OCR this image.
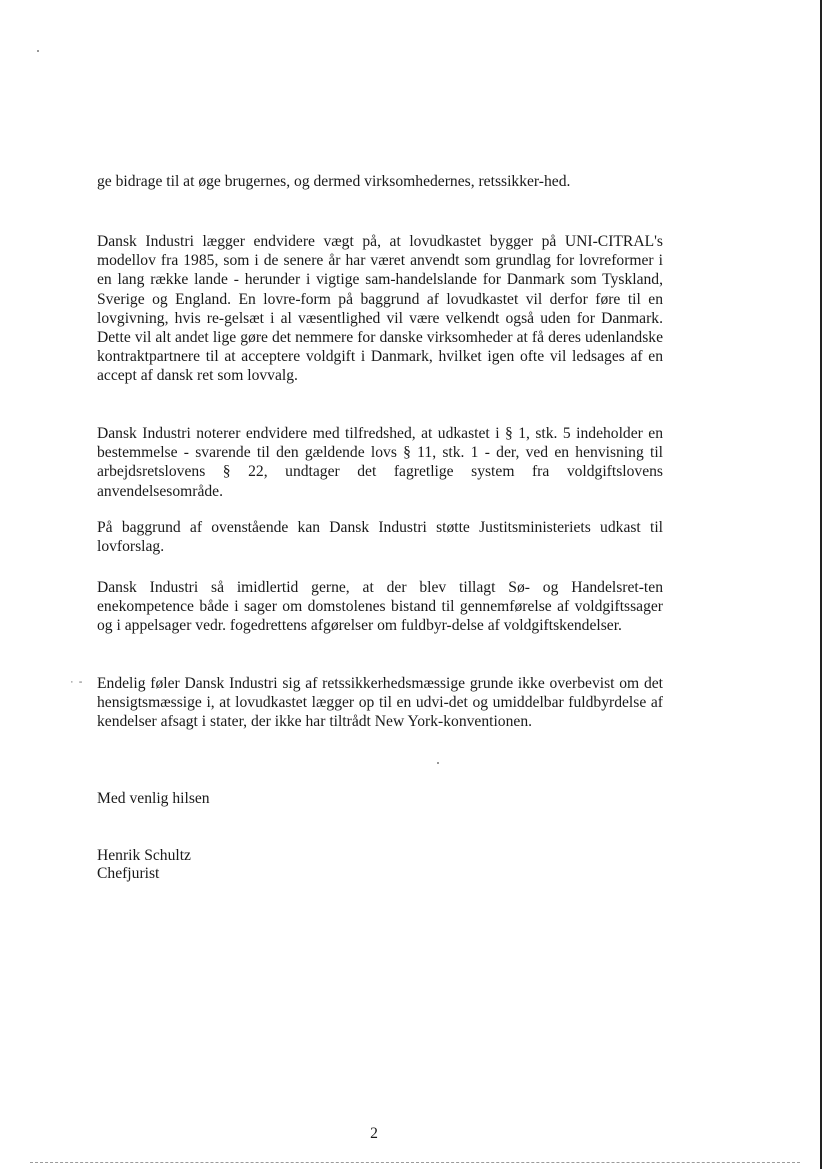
· ‐

ge bidrage til at øge brugernes, og dermed virksomhedernes, retssikker-hed.

Dansk Industri lægger endvidere vægt på, at lovudkastet bygger på UNI-CITRAL's modellov fra 1985, som i de senere år har været anvendt som grundlag for lovreformer i en lang række lande - herunder i vigtige sam-handelslande for Danmark som Tyskland, Sverige og England. En lovre-form på baggrund af lovudkastet vil derfor føre til en lovgivning, hvis re-gelsæt i al væsentlighed vil være velkendt også uden for Danmark. Dette vil alt andet lige gøre det nemmere for danske virksomheder at få deres udenlandske kontraktpartnere til at acceptere voldgift i Danmark, hvilket igen ofte vil ledsages af en accept af dansk ret som lovvalg.

Dansk Industri noterer endvidere med tilfredshed, at udkastet i § 1, stk. 5 indeholder en bestemmelse - svarende til den gældende lovs § 11, stk. 1 - der, ved en henvisning til arbejdsretslovens § 22, undtager det fagretlige system fra voldgiftslovens anvendelsesområde.

På baggrund af ovenstående kan Dansk Industri støtte Justitsministeriets udkast til lovforslag.

Dansk Industri så imidlertid gerne, at der blev tillagt Sø- og Handelsret-ten enekompetence både i sager om domstolenes bistand til gennemførelse af voldgiftssager og i appelsager vedr. fogedrettens afgørelser om fuldbyr-delse af voldgiftskendelser.

Endelig føler Dansk Industri sig af retssikkerhedsmæssige grunde ikke overbevist om det hensigtsmæssige i, at lovudkastet lægger op til en udvi-det og umiddelbar fuldbyrdelse af kendelser afsagt i stater, der ikke har tiltrådt New York-konventionen.

Med venlig hilsen
Henrik Schultz
Chefjurist
2
